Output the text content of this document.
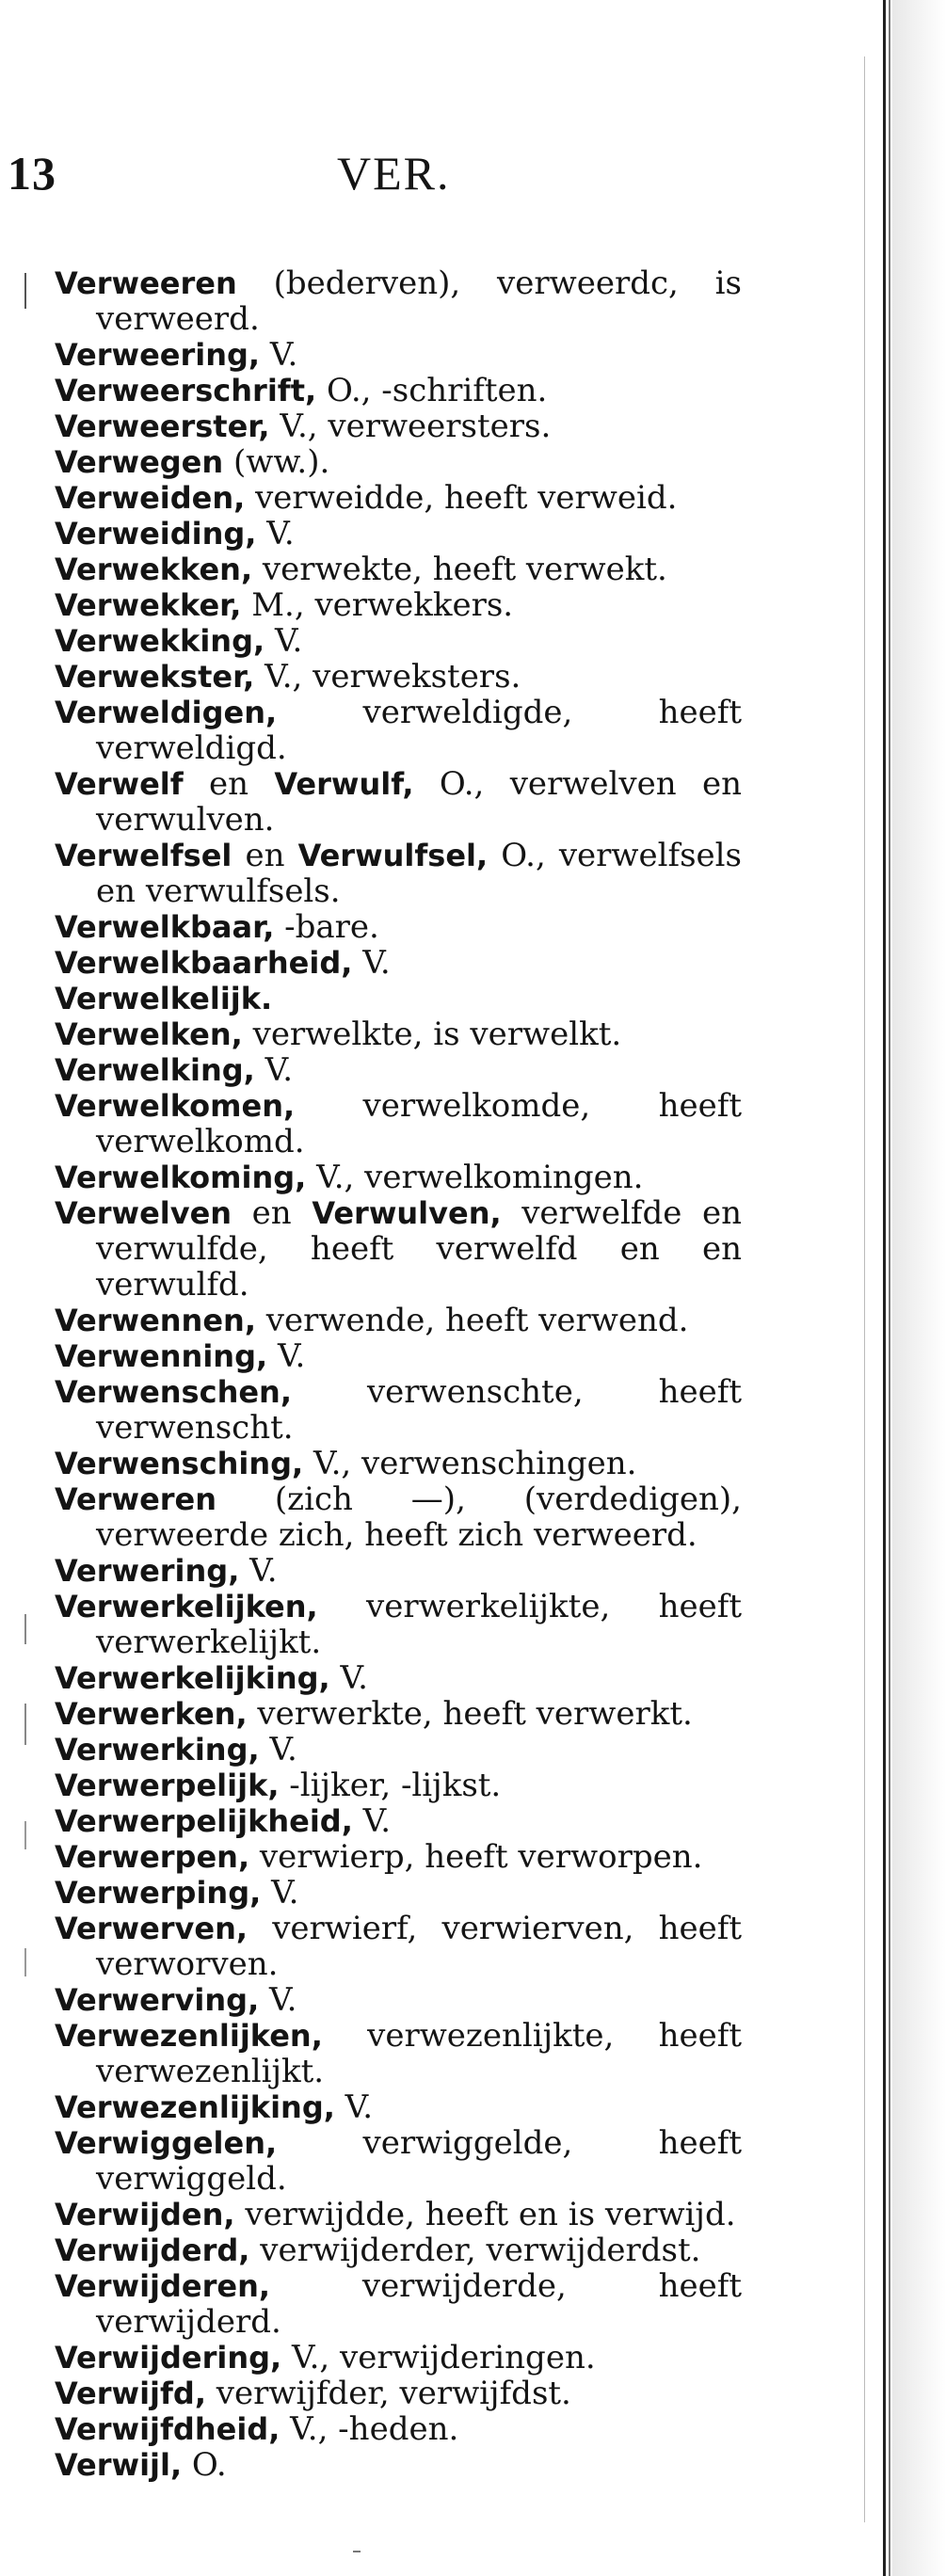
13	VER.
Verweeren (bederven), verweerdc, is verweerd.
Verweering, V.
Verweerschrift, O., -schriften.
Verweerster, V., verweersters.
Verwegen (ww.).
Verweiden, verweidde, heeft verweid.
Verweiding, V.
Verwekken, verwekte, heeft verwekt.
Verwekker, M., verwekkers.
Verwekking, V.
Verwekster, V., verweksters.
Verweldigen, verweldigde, heeft verweldigd.
Verwelf en Verwulf, O., verwelven en verwulven.
Verwelfsel en Verwulfsel, O., verwelfsels en verwulfsels.
Verwelkbaar, -bare.
Verwelkbaarheid, V.
Verwelkelijk.
Verwelken, verwelkte, is verwelkt.
Verwelking, V.
Verwelkomen, verwelkomde, heeft verwelkomd.
Verwelkoming, V., verwelkomingen.
Verwelven en Verwulven, verwelfde en verwulfde, heeft verwelfd en en verwulfd.
Verwennen, verwende, heeft verwend.
Verwenning, V.
Verwenschen, verwenschte, heeft verwenscht.
Verwensching, V., verwenschingen.
Verweren (zich —), (verdedigen), verweerde zich, heeft zich verweerd.
Verwering, V.
Verwerkelijken, verwerkelijkte, heeft verwerkelijkt.
Verwerkelijking, V.
Verwerken, verwerkte, heeft verwerkt.
Verwerking, V.
Verwerpelijk, -lijker, -lijkst.
Verwerpelijkheid, V.
Verwerpen, verwierp, heeft verworpen.
Verwerping, V.
Verwerven, verwierf, verwierven, heeft verworven.
Verwerving, V.
Verwezenlijken, verwezenlijkte, heeft verwezenlijkt.
Verwezenlijking, V.
Verwiggelen, verwiggelde, heeft verwiggeld.
Verwijden, verwijdde, heeft en is verwijd.
Verwijderd, verwijderder, verwijderdst.
Verwijderen, verwijderde, heeft verwijderd.
Verwijdering, V., verwijderingen.
Verwijfd, verwijfder, verwijfdst.
Verwijfdheid, V., -heden.
Verwijl, O.
